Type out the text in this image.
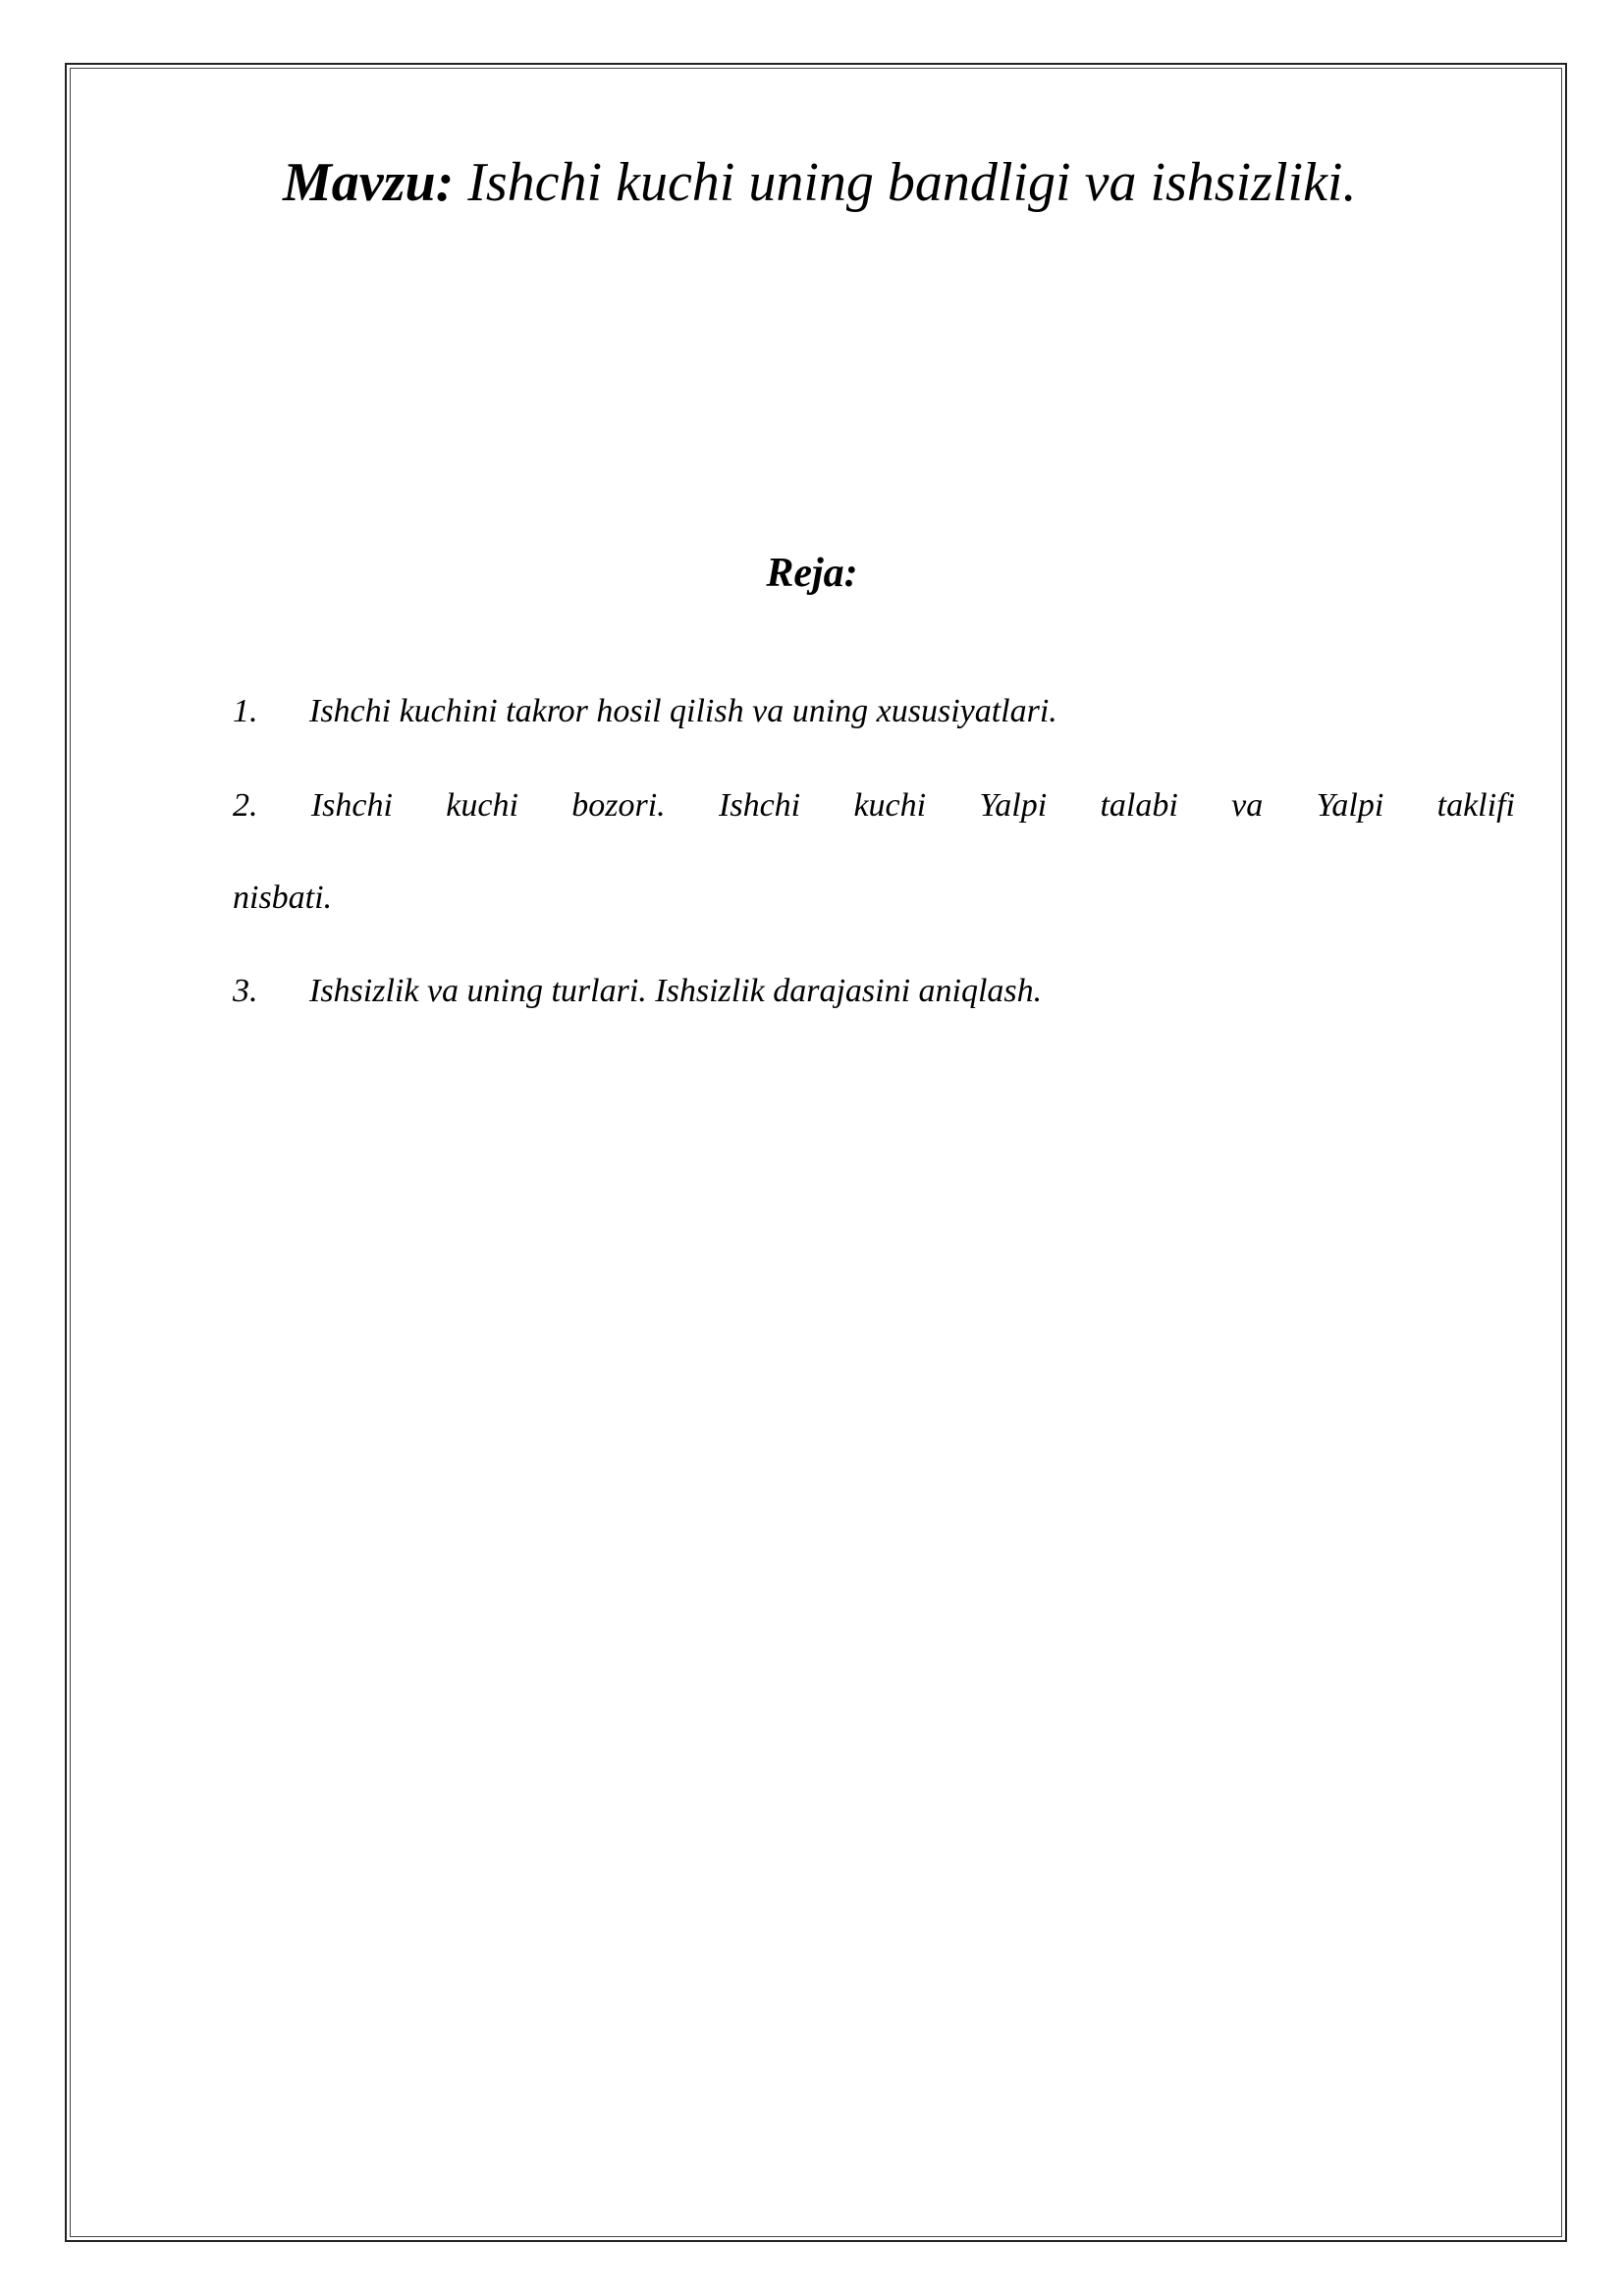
Mavzu: Ishchi kuchi uning bandligi va ishsizliki.
Reja:
1. Ishchi kuchini takror hosil qilish va uning xususiyatlari.
2. Ishchi kuchi bozori. Ishchi kuchi Yalpi talabi va Yalpi taklifi
nisbati.
3. Ishsizlik va uning turlari. Ishsizlik darajasini aniqlash.
